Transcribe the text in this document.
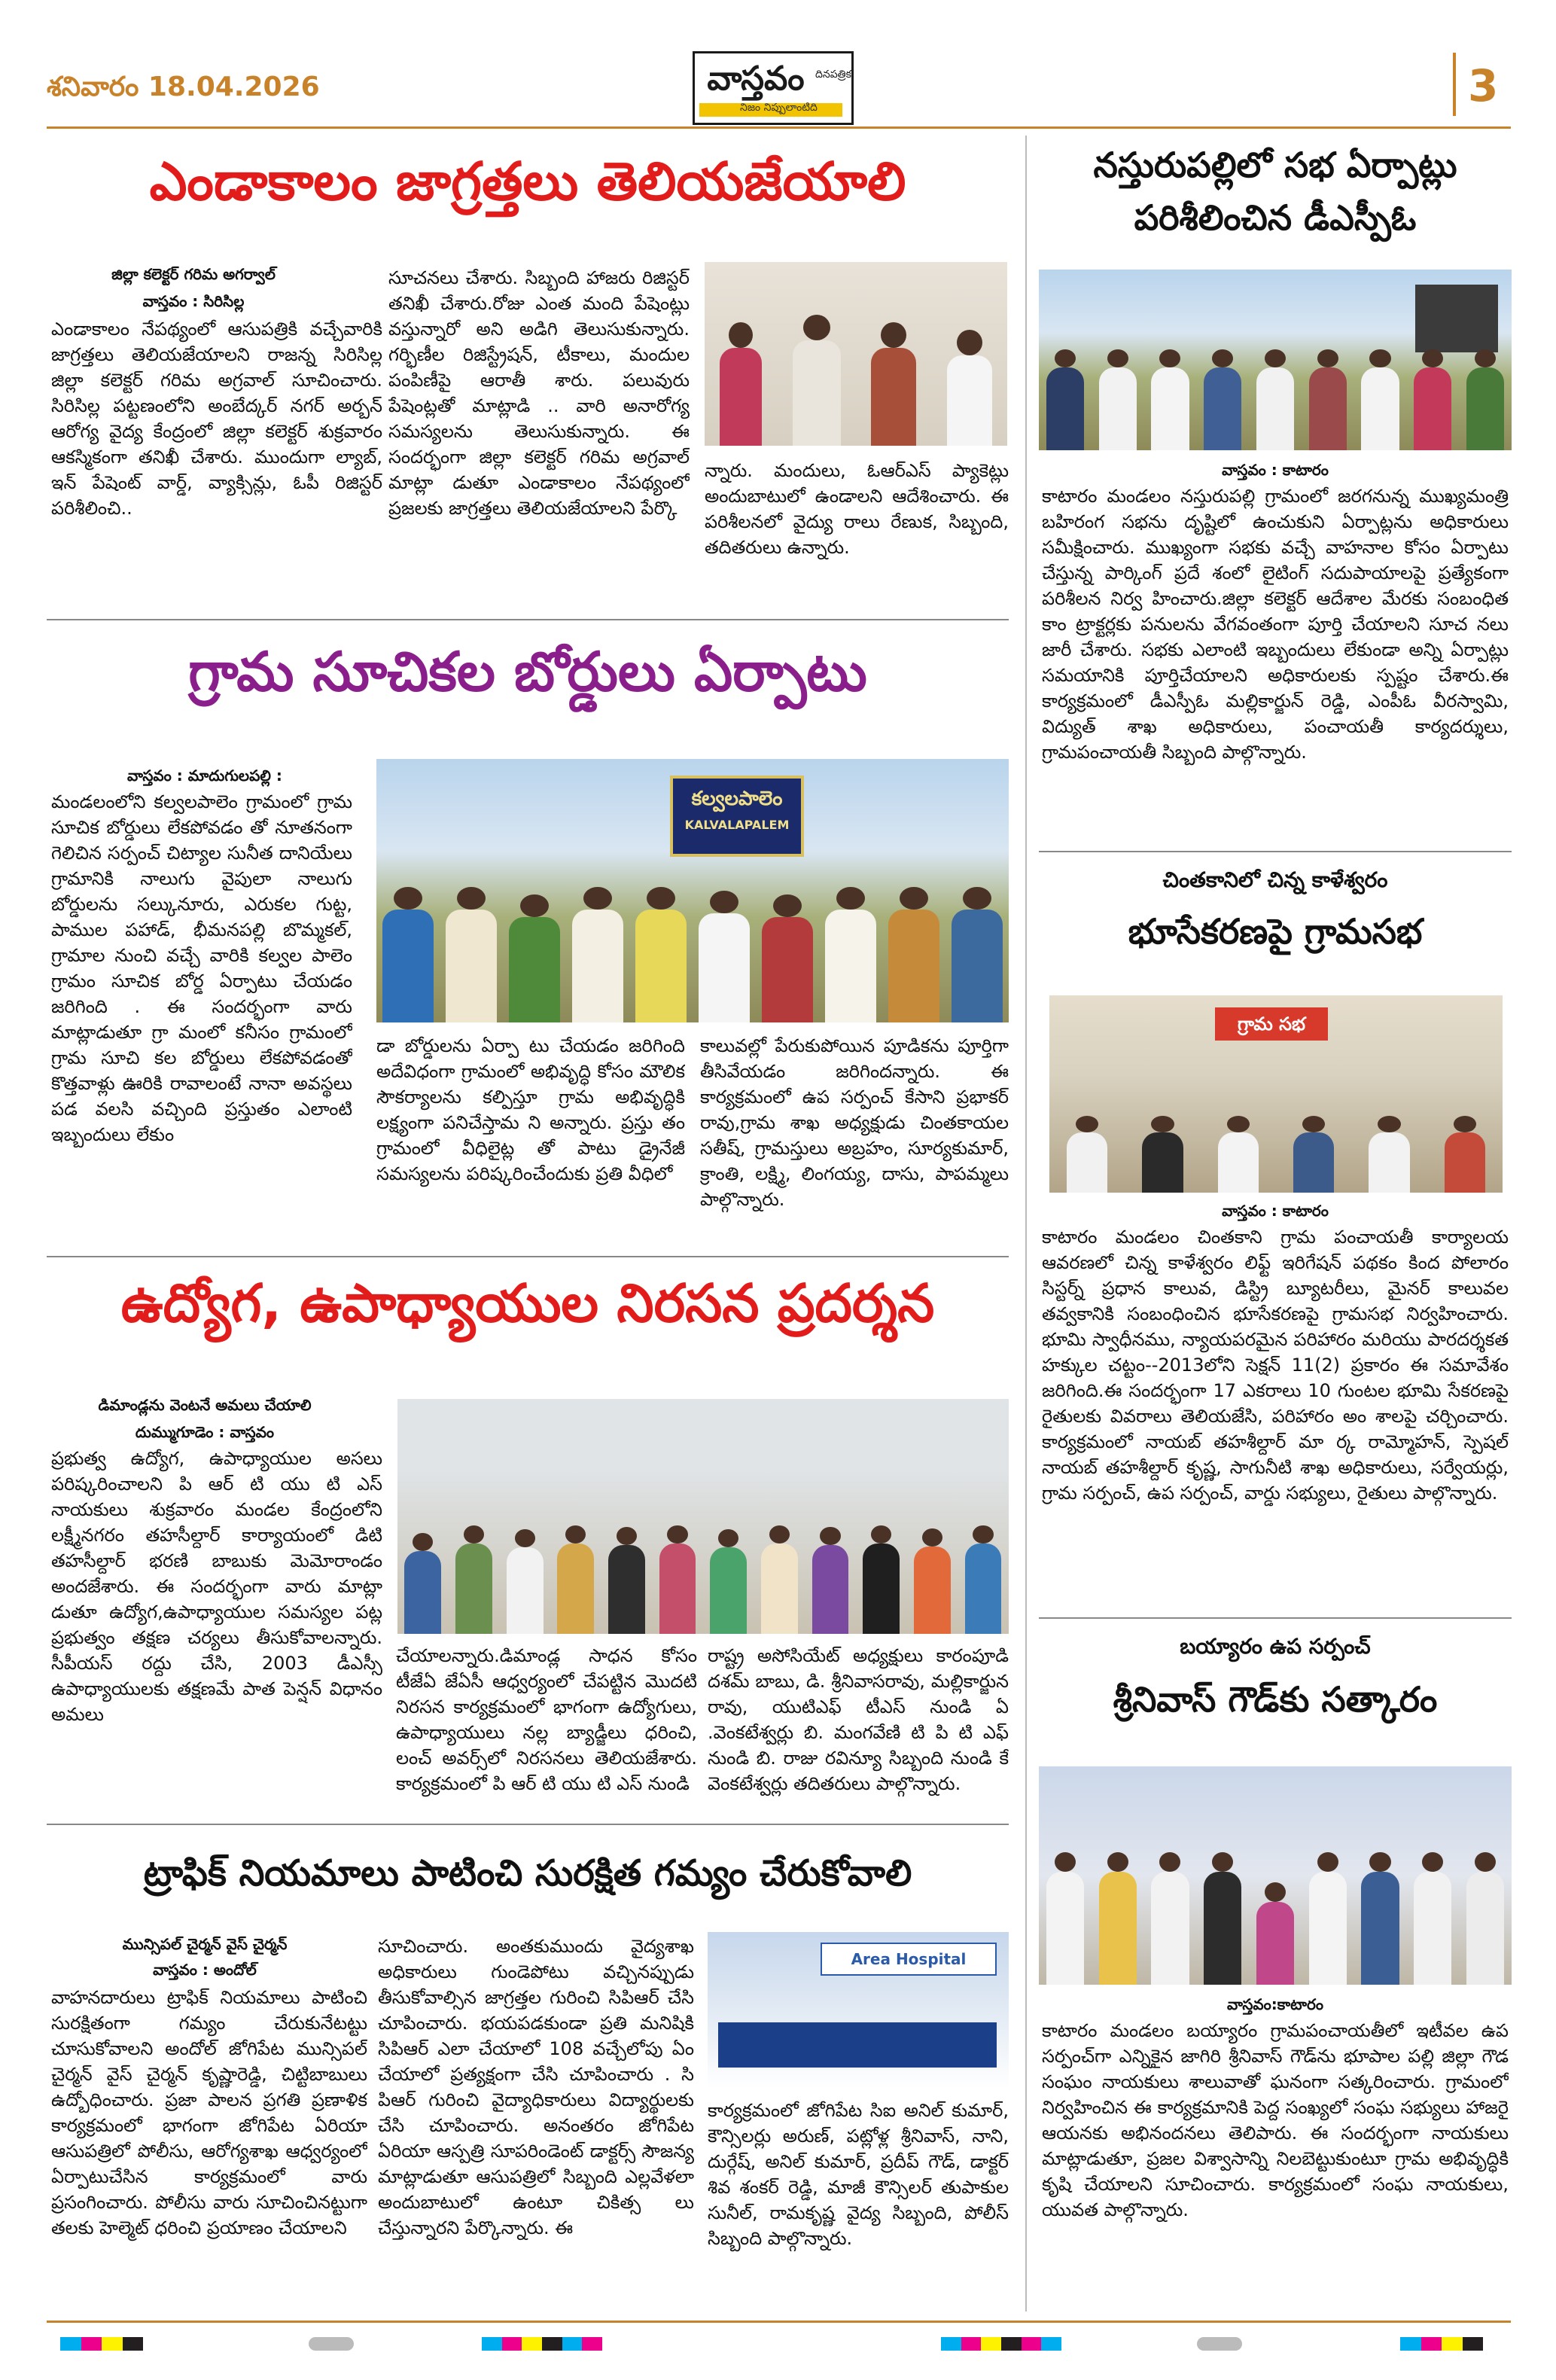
శనివారం 18.04.2026	వాస్తవం	దినపత్రిక
నిజం నిప్పులాంటిది	3
ఎండాకాలం జాగ్రత్తలు తెలియజేయాలి
జిల్లా కలెక్టర్ గరిమ అగర్వాల్
వాస్తవం : సిరిసిల్ల
ఎండాకాలం నేపథ్యంలో ఆసుపత్రికి వచ్చేవారికి జాగ్రత్తలు తెలియజేయాలని రాజన్న సిరిసిల్ల జిల్లా కలెక్టర్ గరిమ అగ్రవాల్ సూచించారు. సిరిసిల్ల పట్టణంలోని అంబేద్కర్ నగర్ అర్బన్ ఆరోగ్య వైద్య కేంద్రంలో జిల్లా కలెక్టర్ శుక్రవారం ఆకస్మికంగా తనిఖీ చేశారు. ముందుగా ల్యాబ్, ఇన్ పేషెంట్ వార్డ్, వ్యాక్సిన్లు, ఓపీ రిజిస్టర్ పరిశీలించి..
సూచనలు చేశారు. సిబ్బంది హాజరు రిజిస్టర్ తనిఖీ చేశారు.రోజు ఎంత మంది పేషెంట్లు వస్తున్నారో అని అడిగి తెలుసుకున్నారు. గర్భిణీల రిజిస్ట్రేషన్, టీకాలు, మందుల పంపిణీపై ఆరాతీ శారు. పలువురు పేషెంట్లతో మాట్లాడి .. వారి అనారోగ్య సమస్యలను తెలుసుకున్నారు. ఈ సందర్భంగా జిల్లా కలెక్టర్ గరిమ అగ్రవాల్ మాట్లా డుతూ ఎండాకాలం నేపథ్యంలో ప్రజలకు జాగ్రత్తలు తెలియజేయాలని పేర్కొ
న్నారు. మందులు, ఓఆర్ఎస్ ప్యాకెట్లు అందుబాటులో ఉండాలని ఆదేశించారు. ఈ పరిశీలనలో వైద్యు రాలు రేణుక, సిబ్బంది, తదితరులు ఉన్నారు.
గ్రామ సూచికల బోర్డులు ఏర్పాటు
వాస్తవం : మాదుగులపల్లి :
మండలంలోని కల్వలపాలెం గ్రామంలో గ్రామ సూచిక బోర్డులు లేకపోవడం తో నూతనంగా గెలిచిన సర్పంచ్ చిట్యాల సునీత దానియేలు గ్రామానికి నాలుగు వైపులా నాలుగు బోర్డులను సల్కునూరు, ఎరుకల గుట్ట, పాముల పహాడ్, భీమనపల్లి బొమ్మకల్, గ్రామాల నుంచి వచ్చే వారికి కల్వల పాలెం గ్రామం సూచిక బోర్డ ఏర్పాటు చేయడం జరిగింది . ఈ సందర్భంగా వారు మాట్లాడుతూ గ్రా మంలో కనీసం గ్రామంలో గ్రామ సూచి కల బోర్డులు లేకపోవడంతో కొత్తవాళ్లు ఊరికి రావాలంటే నానా అవస్థలు పడ వలసి వచ్చింది ప్రస్తుతం ఎలాంటి ఇబ్బందులు లేకుం
కల్వలపాలెం
KALVALAPALEM
డా బోర్డులను ఏర్పా టు చేయడం జరిగింది అదేవిధంగా గ్రామంలో అభివృద్ధి కోసం మౌలిక సౌకర్యాలను కల్పిస్తూ గ్రామ అభివృద్ధికి లక్ష్యంగా పనిచేస్తామ ని అన్నారు. ప్రస్తు తం గ్రామంలో వీధిలైట్ల తో పాటు డ్రైనేజీ సమస్యలను పరిష్కరించేందుకు ప్రతి వీధిలో
కాలువల్లో పేరుకుపోయిన పూడికను పూర్తిగా తీసివేయడం జరిగిందన్నారు. ఈ కార్యక్రమంలో ఉప సర్పంచ్ కేసాని ప్రభాకర్ రావు,గ్రామ శాఖ అధ్యక్షుడు చింతకాయల సతీష్, గ్రామస్తులు అబ్రహం, సూర్యకుమార్, క్రాంతి, లక్ష్మి, లింగయ్య, దాసు, పాపమ్మలు పాల్గొన్నారు.
ఉద్యోగ, ఉపాధ్యాయుల నిరసన ప్రదర్శన
డిమాండ్లను వెంటనే అమలు చేయాలి
దుమ్ముగూడెం : వాస్తవం
ప్రభుత్వ ఉద్యోగ, ఉపాధ్యాయుల అసలు పరిష్కరించాలని పి ఆర్ టి యు టి ఎస్ నాయకులు శుక్రవారం మండల కేంద్రంలోని లక్ష్మీనగరం తహసీల్దార్ కార్యాయంలో డిటి తహసీల్దార్ భరణి బాబుకు మెమోరాండం అందజేశారు. ఈ సందర్భంగా వారు మాట్లా డుతూ ఉద్యోగ,ఉపాధ్యాయుల సమస్యల పట్ల ప్రభుత్వం తక్షణ చర్యలు తీసుకోవాలన్నారు. సీపీయస్ రద్దు చేసి, 2003 డీఎస్సీ ఉపాధ్యాయులకు తక్షణమే పాత పెన్షన్ విధానం అమలు
చేయాలన్నారు.డిమాండ్ల సాధన కోసం టీజేఏ జేఏసీ ఆధ్వర్యంలో చేపట్టిన మొదటి నిరసన కార్యక్రమంలో భాగంగా ఉద్యోగులు, ఉపాధ్యాయులు నల్ల బ్యాడ్జీలు ధరించి, లంచ్ అవర్స్‌లో నిరసనలు తెలియజేశారు. కార్యక్రమంలో పి ఆర్ టి యు టి ఎస్ నుండి
రాష్ట్ర అసోసియేట్ అధ్యక్షులు కారంపూడి దశమ్ బాబు, డి. శ్రీనివాసరావు, మల్లికార్జున రావు, యుటిఎఫ్ టీఎస్ నుండి ఏ .వెంకటేశ్వర్లు బి. మంగవేణి టి పి టి ఎఫ్ నుండి బి. రాజు రవిన్యూ సిబ్బంది నుండి కే వెంకటేశ్వర్లు తదితరులు పాల్గొన్నారు.
ట్రాఫిక్ నియమాలు పాటించి సురక్షిత గమ్యం చేరుకోవాలి
మున్సిపల్ చైర్మన్ వైస్ చైర్మన్
వాస్తవం : అందోల్
వాహనదారులు ట్రాఫిక్ నియమాలు పాటించి సురక్షితంగా గమ్యం చేరుకునేటట్టు చూసుకోవాలని అందోల్ జోగిపేట మున్సిపల్ చైర్మన్ వైస్ చైర్మన్ కృష్ణారెడ్డి, చిట్టిబాబులు ఉద్బోధించారు. ప్రజా పాలన ప్రగతి ప్రణాళిక కార్యక్రమంలో భాగంగా జోగిపేట ఏరియా ఆసుపత్రిలో పోలీసు, ఆరోగ్యశాఖ ఆధ్వర్యంలో ఏర్పాటుచేసిన కార్యక్రమంలో వారు ప్రసంగించారు. పోలీసు వారు సూచించినట్టుగా తలకు హెల్మెట్ ధరించి ప్రయాణం చేయాలని
సూచించారు. అంతకుముందు వైద్యశాఖ అధికారులు గుండెపోటు వచ్చినప్పుడు తీసుకోవాల్సిన జాగ్రత్తల గురించి సిపిఆర్ చేసి చూపించారు. భయపడకుండా ప్రతి మనిషికి సిపిఆర్ ఎలా చేయాలో 108 వచ్చేలోపు ఏం చేయాలో ప్రత్యక్షంగా చేసి చూపించారు . సి పిఆర్ గురించి వైద్యాధికారులు విద్యార్థులకు చేసి చూపించారు. అనంతరం జోగిపేట ఏరియా ఆస్పత్రి సూపరిండెంట్ డాక్టర్స్ సౌజన్య మాట్లాడుతూ ఆసుపత్రిలో సిబ్బంది ఎల్లవేళలా అందుబాటులో ఉంటూ చికిత్స లు చేస్తున్నారని పేర్కొన్నారు. ఈ
Area Hospital
కార్యక్రమంలో జోగిపేట సిఐ అనిల్ కుమార్, కౌన్సిలర్లు అరుణ్, పట్లోళ్ల శ్రీనివాస్, నాని, దుర్గేష్, అనిల్ కుమార్, ప్రదీప్ గౌడ్, డాక్టర్ శివ శంకర్ రెడ్డి, మాజీ కౌన్సిలర్ తుపాకుల సునీల్, రామకృష్ణ వైద్య సిబ్బంది, పోలీస్ సిబ్బంది పాల్గొన్నారు.
నస్తురుపల్లిలో సభ ఏర్పాట్లు
పరిశీలించిన డీఎస్పీఓ
వాస్తవం : కాటారం
కాటారం మండలం నస్తురుపల్లి గ్రామంలో జరగనున్న ముఖ్యమంత్రి బహిరంగ సభను దృష్టిలో ఉంచుకుని ఏర్పాట్లను అధికారులు సమీక్షించారు. ముఖ్యంగా సభకు వచ్చే వాహనాల కోసం ఏర్పాటు చేస్తున్న పార్కింగ్ ప్రదే శంలో లైటింగ్ సదుపాయాలపై ప్రత్యేకంగా పరిశీలన నిర్వ హించారు.జిల్లా కలెక్టర్ ఆదేశాల మేరకు సంబంధిత కాం ట్రాక్టర్లకు పనులను వేగవంతంగా పూర్తి చేయాలని సూచ నలు జారీ చేశారు. సభకు ఎలాంటి ఇబ్బందులు లేకుండా అన్ని ఏర్పాట్లు సమయానికి పూర్తిచేయాలని అధికారులకు స్పష్టం చేశారు.ఈ కార్యక్రమంలో డీఎస్పీఓ మల్లికార్జున్ రెడ్డి, ఎంపీఓ వీరస్వామి, విద్యుత్ శాఖ అధికారులు, పంచాయతీ కార్యదర్శులు, గ్రామపంచాయతీ సిబ్బంది పాల్గొన్నారు.
చింతకానిలో చిన్న కాళేశ్వరం
భూసేకరణపై గ్రామసభ
గ్రామ సభ
వాస్తవం : కాటారం
కాటారం మండలం చింతకాని గ్రామ పంచాయతీ కార్యాలయ ఆవరణలో చిన్న కాళేశ్వరం లిఫ్ట్ ఇరిగేషన్ పథకం కింద పోలారం సిస్టర్న్ ప్రధాన కాలువ, డిస్ట్రి బ్యూటరీలు, మైనర్ కాలువల తవ్వకానికి సంబంధించిన భూసేకరణపై గ్రామసభ నిర్వహించారు. భూమి స్వాధీనము, న్యాయపరమైన పరిహారం మరియు పారదర్శకత హక్కుల చట్టం--2013లోని సెక్షన్ 11(2) ప్రకారం ఈ సమావేశం జరిగింది.ఈ సందర్భంగా 17 ఎకరాలు 10 గుంటల భూమి సేకరణపై రైతులకు వివరాలు తెలియజేసి, పరిహారం అం శాలపై చర్చించారు. కార్యక్రమంలో నాయబ్ తహశీల్దార్ మా ర్క రామ్మోహన్, స్పెషల్ నాయబ్ తహశీల్దార్ కృష్ణ, సాగునీటి శాఖ అధికారులు, సర్వేయర్లు, గ్రామ సర్పంచ్, ఉప సర్పంచ్, వార్డు సభ్యులు, రైతులు పాల్గొన్నారు.
బయ్యారం ఉప సర్పంచ్
శ్రీనివాస్ గౌడ్‌కు సత్కారం
వాస్తవం:కాటారం
కాటారం మండలం బయ్యారం గ్రామపంచాయతీలో ఇటీవల ఉప సర్పంచ్‌గా ఎన్నికైన జాగిరి శ్రీనివాస్ గౌడ్‌ను భూపాల పల్లి జిల్లా గౌడ సంఘం నాయకులు శాలువాతో ఘనంగా సత్కరించారు. గ్రామంలో నిర్వహించిన ఈ కార్యక్రమానికి పెద్ద సంఖ్యలో సంఘ సభ్యులు హాజరై ఆయనకు అభినందనలు తెలిపారు. ఈ సందర్భంగా నాయకులు మాట్లాడుతూ, ప్రజల విశ్వాసాన్ని నిలబెట్టుకుంటూ గ్రామ అభివృద్ధికి కృషి చేయాలని సూచించారు. కార్యక్రమంలో సంఘ నాయకులు, యువత పాల్గొన్నారు.
